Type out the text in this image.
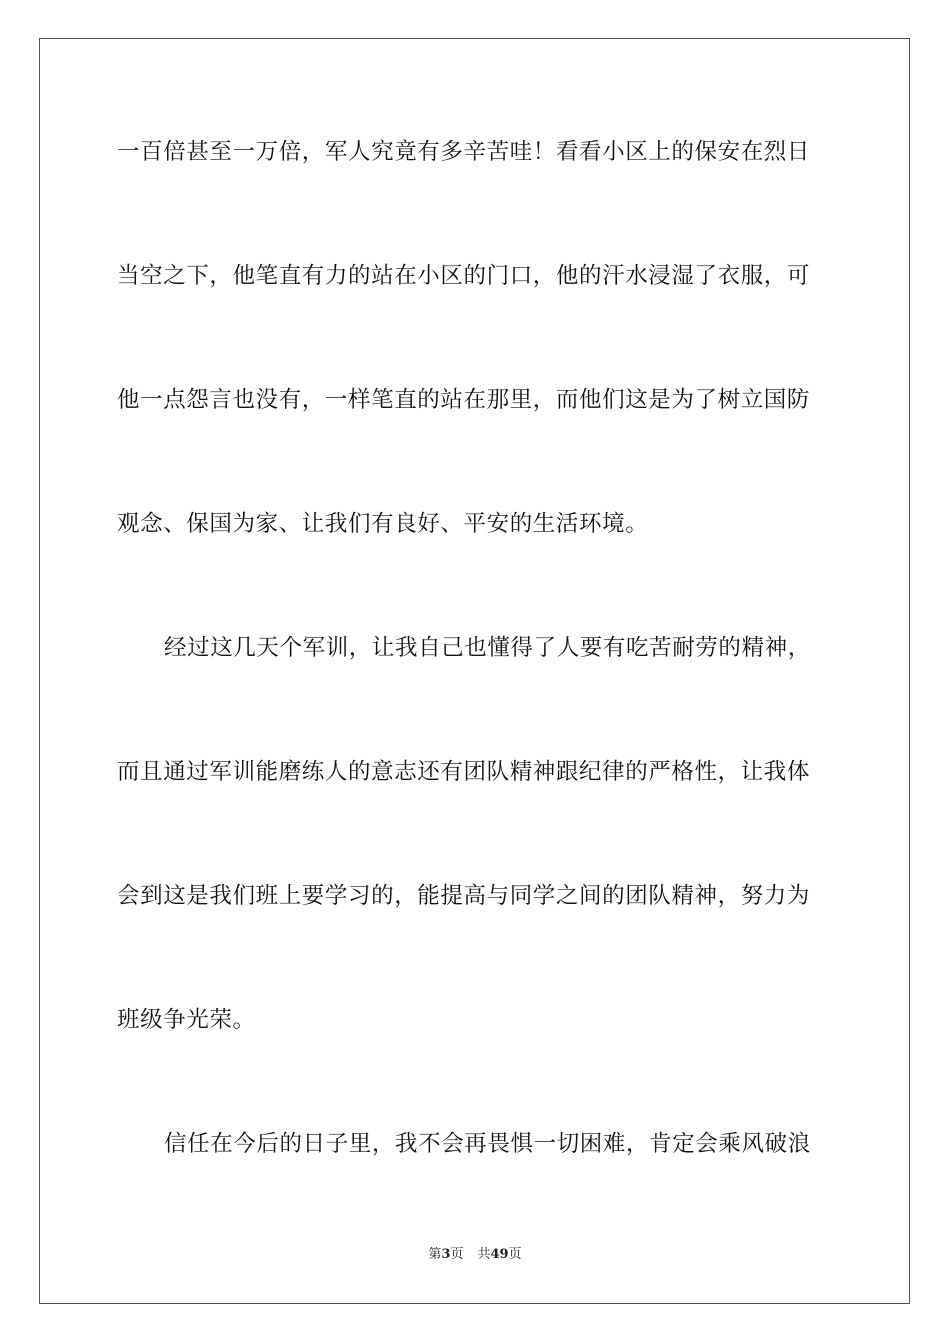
一百倍甚至一万倍，军人究竟有多辛苦哇！看看小区上的保安在烈日
当空之下，他笔直有力的站在小区的门口，他的汗水浸湿了衣服，可
他一点怨言也没有，一样笔直的站在那里，而他们这是为了树立国防
观念、保国为家、让我们有良好、平安的生活环境。
经过这几天个军训，让我自己也懂得了人要有吃苦耐劳的精神，
而且通过军训能磨练人的意志还有团队精神跟纪律的严格性，让我体
会到这是我们班上要学习的，能提高与同学之间的团队精神，努力为
班级争光荣。
信任在今后的日子里，我不会再畏惧一切困难，肯定会乘风破浪
第3页 共49页
